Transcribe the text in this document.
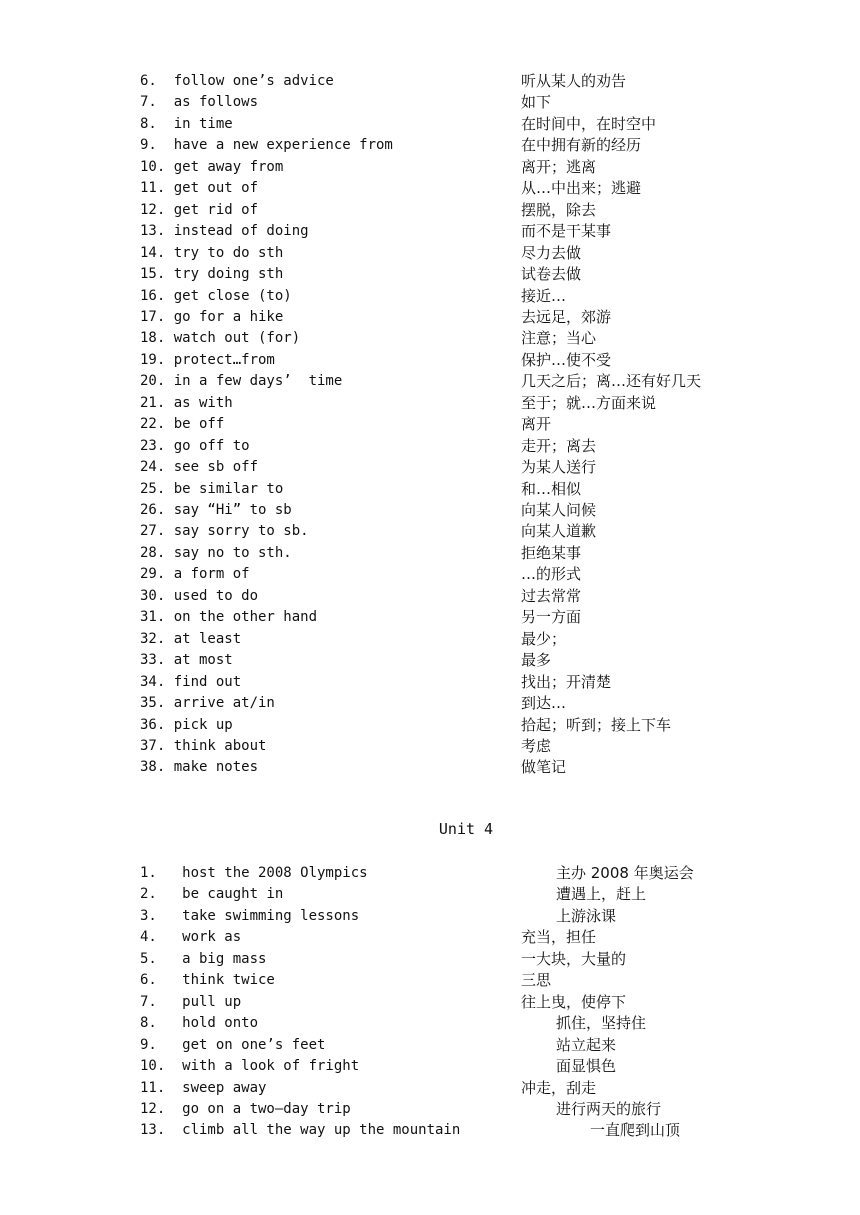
6.  follow one’s advice	听从某人的劝告
7.  as follows	如下
8.  in time	在时间中，在时空中
9.  have a new experience from	在中拥有新的经历
10. get away from	离开；逃离
11. get out of	从…中出来；逃避
12. get rid of	摆脱，除去
13. instead of doing	而不是干某事
14. try to do sth	尽力去做
15. try doing sth	试卷去做
16. get close (to)	接近…
17. go for a hike	去远足，郊游
18. watch out (for)	注意；当心
19. protect…from	保护…使不受
20. in a few days’  time	几天之后；离…还有好几天
21. as with	至于；就…方面来说
22. be off	离开
23. go off to	走开；离去
24. see sb off	为某人送行
25. be similar to	和…相似
26. say “Hi” to sb	向某人问候
27. say sorry to sb.	向某人道歉
28. say no to sth.	拒绝某事
29. a form of	…的形式
30. used to do	过去常常
31. on the other hand	另一方面
32. at least	最少；
33. at most	最多
34. find out	找出；开清楚
35. arrive at/in	到达…
36. pick up	拾起；听到；接上下车
37. think about	考虑
38. make notes	做笔记
Unit 4
1.   host the 2008 Olympics	主办 2008 年奥运会
2.   be caught in	遭遇上，赶上
3.   take swimming lessons	上游泳课
4.   work as	充当，担任
5.   a big mass	一大块，大量的
6.   think twice	三思
7.   pull up	往上曳，使停下
8.   hold onto	抓住，坚持住
9.   get on one’s feet	站立起来
10.  with a look of fright	面显惧色
11.  sweep away	冲走，刮走
12.  go on a two—day trip	进行两天的旅行
13.  climb all the way up the mountain	一直爬到山顶
